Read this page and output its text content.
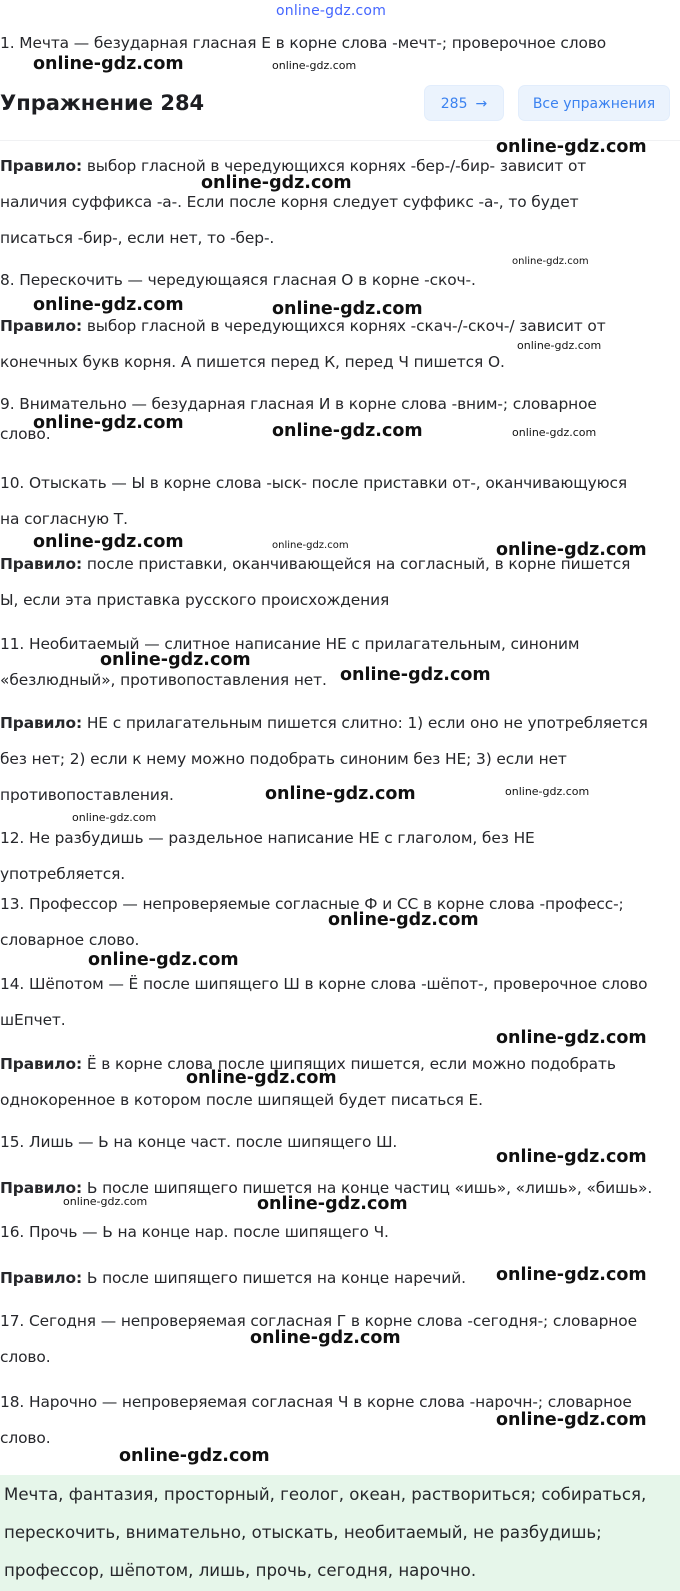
online-gdz.com

1. Мечта — безударная гласная Е в корне слова -мечт-; проверочное слово

Упражнение 284	285 →	Все упражнения

Правило: выбор гласной в чередующихся корнях -бер-/-бир- зависит от
наличия суффикса -а-. Если после корня следует суффикс -а-, то будет
писаться -бир-, если нет, то -бер-.

8. Перескочить — чередующаяся гласная О в корне -скоч-.

Правило: выбор гласной в чередующихся корнях -скач-/-скоч-/ зависит от
конечных букв корня. А пишется перед К, перед Ч пишется О.

9. Внимательно — безударная гласная И в корне слова -вним-; словарное
слово.

10. Отыскать — Ы в корне слова -ыск- после приставки от-, оканчивающуюся
на согласную Т.

Правило: после приставки, оканчивающейся на согласный, в корне пишется
Ы, если эта приставка русского происхождения

11. Необитаемый — слитное написание НЕ с прилагательным, синоним
«безлюдный», противопоставления нет.

Правило: НЕ с прилагательным пишется слитно: 1) если оно не употребляется
без нет; 2) если к нему можно подобрать синоним без НЕ; 3) если нет
противопоставления.

12. Не разбудишь — раздельное написание НЕ с глаголом, без НЕ
употребляется.

13. Профессор — непроверяемые согласные Ф и СС в корне слова -професс-;
словарное слово.

14. Шёпотом — Ё после шипящего Ш в корне слова -шёпот-, проверочное слово
шЕпчет.

Правило: Ё в корне слова после шипящих пишется, если можно подобрать
однокоренное в котором после шипящей будет писаться Е.

15. Лишь — Ь на конце част. после шипящего Ш.

Правило: Ь после шипящего пишется на конце частиц «ишь», «лишь», «бишь».

16. Прочь — Ь на конце нар. после шипящего Ч.

Правило: Ь после шипящего пишется на конце наречий.

17. Сегодня — непроверяемая согласная Г в корне слова -сегодня-; словарное
слово.

18. Нарочно — непроверяемая согласная Ч в корне слова -нарочн-; словарное
слово.

Мечта, фантазия, просторный, геолог, океан, раствориться; собираться,
перескочить, внимательно, отыскать, необитаемый, не разбудишь;
профессор, шёпотом, лишь, прочь, сегодня, нарочно.

online-gdz.com	online-gdz.com
online-gdz.com
online-gdz.com
online-gdz.com
online-gdz.com	online-gdz.com
online-gdz.com
online-gdz.com	online-gdz.com	online-gdz.com
online-gdz.com	online-gdz.com	online-gdz.com
online-gdz.com
online-gdz.com
online-gdz.com	online-gdz.com
online-gdz.com
online-gdz.com
online-gdz.com
online-gdz.com
online-gdz.com
online-gdz.com
online-gdz.com	online-gdz.com
online-gdz.com
online-gdz.com
online-gdz.com
online-gdz.com
